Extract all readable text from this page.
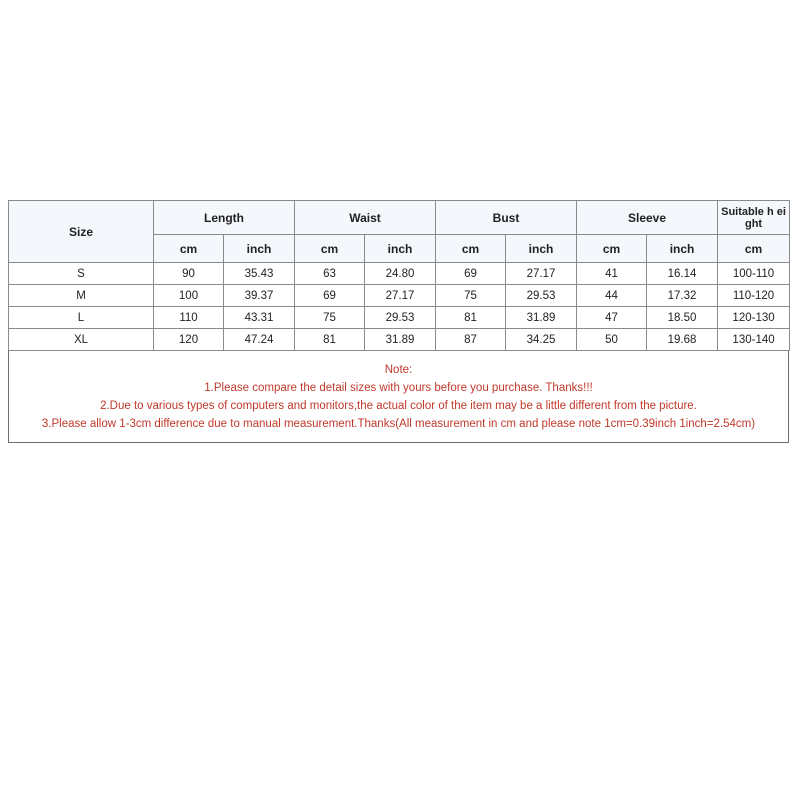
Size	Length		Waist		Bust		Sleeve		Suitable h eight
	cm	inch	cm	inch	cm	inch	cm	inch	cm
S	90	35.43	63	24.80	69	27.17	41	16.14	100-110
M	100	39.37	69	27.17	75	29.53	44	17.32	110-120
L	110	43.31	75	29.53	81	31.89	47	18.50	120-130
XL	120	47.24	81	31.89	87	34.25	50	19.68	130-140
Note:
1.Please compare the detail sizes with yours before you purchase. Thanks!!!
2.Due to various types of computers and monitors,the actual color of the item may be a little different from the picture.
3.Please allow 1-3cm difference due to manual measurement.Thanks(All measurement in cm and please note 1cm=0.39inch 1inch=2.54cm)
